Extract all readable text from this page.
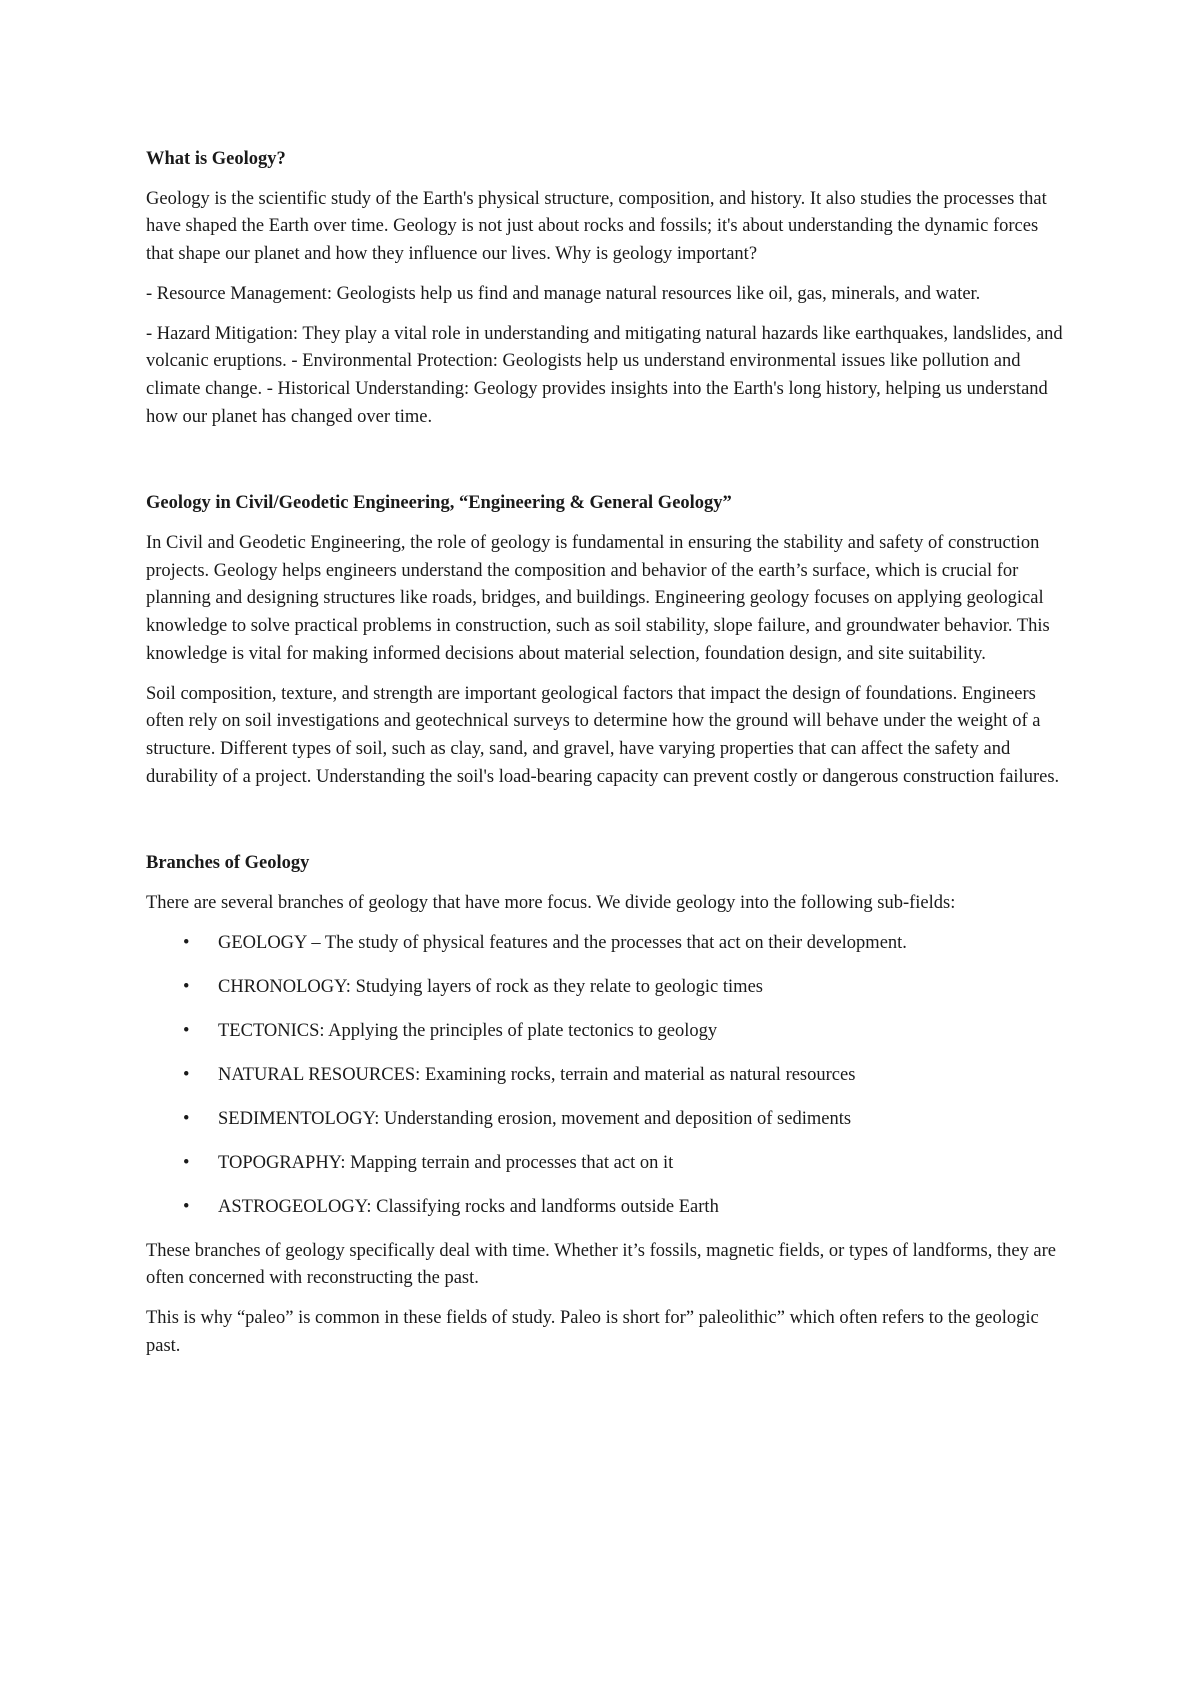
What is Geology?

Geology is the scientific study of the Earth's physical structure, composition, and history. It also studies the processes that have shaped the Earth over time. Geology is not just about rocks and fossils; it's about understanding the dynamic forces that shape our planet and how they influence our lives. Why is geology important?

- Resource Management: Geologists help us find and manage natural resources like oil, gas, minerals, and water.

- Hazard Mitigation: They play a vital role in understanding and mitigating natural hazards like earthquakes, landslides, and volcanic eruptions. - Environmental Protection: Geologists help us understand environmental issues like pollution and climate change. - Historical Understanding: Geology provides insights into the Earth's long history, helping us understand how our planet has changed over time.

Geology in Civil/Geodetic Engineering, “Engineering & General Geology”

In Civil and Geodetic Engineering, the role of geology is fundamental in ensuring the stability and safety of construction projects. Geology helps engineers understand the composition and behavior of the earth’s surface, which is crucial for planning and designing structures like roads, bridges, and buildings. Engineering geology focuses on applying geological knowledge to solve practical problems in construction, such as soil stability, slope failure, and groundwater behavior. This knowledge is vital for making informed decisions about material selection, foundation design, and site suitability.

Soil composition, texture, and strength are important geological factors that impact the design of foundations. Engineers often rely on soil investigations and geotechnical surveys to determine how the ground will behave under the weight of a structure. Different types of soil, such as clay, sand, and gravel, have varying properties that can affect the safety and durability of a project. Understanding the soil's load-bearing capacity can prevent costly or dangerous construction failures.

Branches of Geology

There are several branches of geology that have more focus. We divide geology into the following sub-fields:

• GEOLOGY – The study of physical features and the processes that act on their development.
• CHRONOLOGY: Studying layers of rock as they relate to geologic times
• TECTONICS: Applying the principles of plate tectonics to geology
• NATURAL RESOURCES: Examining rocks, terrain and material as natural resources
• SEDIMENTOLOGY: Understanding erosion, movement and deposition of sediments
• TOPOGRAPHY: Mapping terrain and processes that act on it
• ASTROGEOLOGY: Classifying rocks and landforms outside Earth

These branches of geology specifically deal with time. Whether it’s fossils, magnetic fields, or types of landforms, they are often concerned with reconstructing the past.

This is why “paleo” is common in these fields of study. Paleo is short for” paleolithic” which often refers to the geologic past.
